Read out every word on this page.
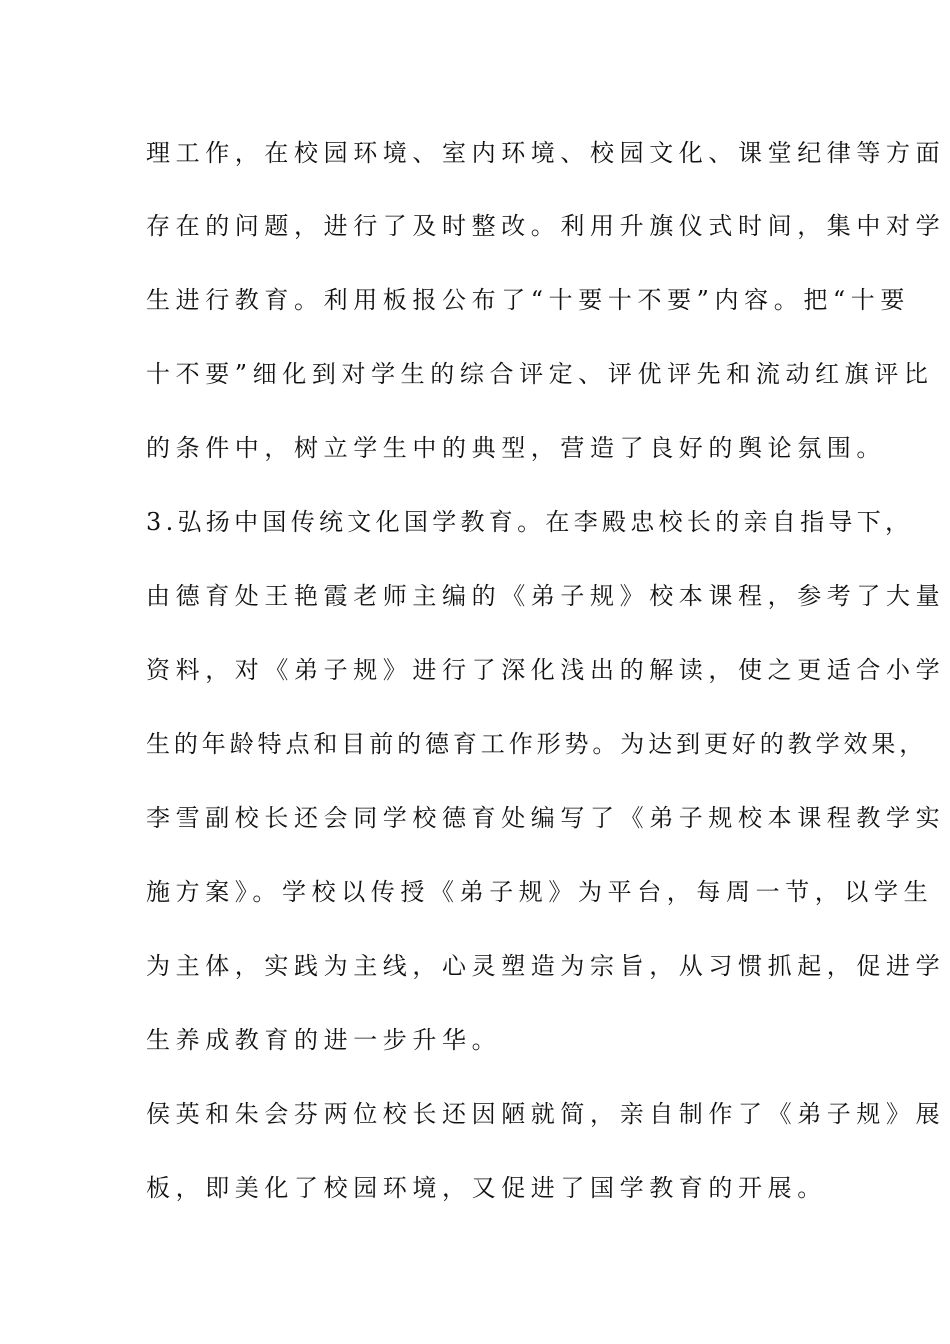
理工作，在校园环境、室内环境、校园文化、课堂纪律等方面

存在的问题，进行了及时整改。利用升旗仪式时间，集中对学

生进行教育。利用板报公布了“十要十不要”内容。把“十要

十不要”细化到对学生的综合评定、评优评先和流动红旗评比

的条件中，树立学生中的典型，营造了良好的舆论氛围。

3.弘扬中国传统文化国学教育。在李殿忠校长的亲自指导下，

由德育处王艳霞老师主编的《弟子规》校本课程，参考了大量

资料，对《弟子规》进行了深化浅出的解读，使之更适合小学

生的年龄特点和目前的德育工作形势。为达到更好的教学效果，

李雪副校长还会同学校德育处编写了《弟子规校本课程教学实

施方案》。学校以传授《弟子规》为平台，每周一节，以学生

为主体，实践为主线，心灵塑造为宗旨，从习惯抓起，促进学

生养成教育的进一步升华。

侯英和朱会芬两位校长还因陋就简，亲自制作了《弟子规》展

板，即美化了校园环境，又促进了国学教育的开展。
